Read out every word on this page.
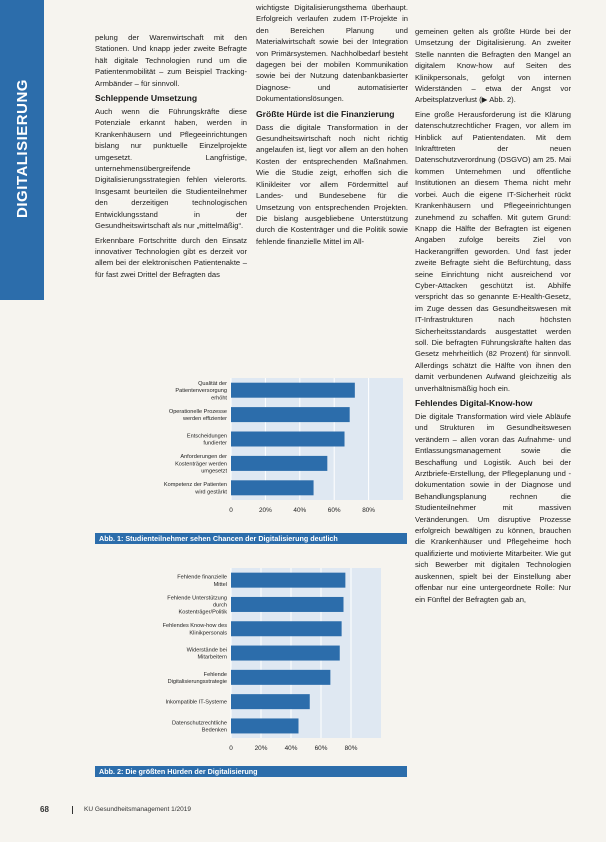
DIGITALISIERUNG

pelung der Warenwirtschaft mit den Stationen. Und knapp jeder zweite Befragte hält digitale Technologien rund um die Patientenmobilität – zum Beispiel Tracking-Armbänder – für sinnvoll.

Schleppende Umsetzung

Auch wenn die Führungskräfte diese Potenziale erkannt haben, werden in Krankenhäusern und Pflegeeinrichtungen bislang nur punktuelle Einzelprojekte umgesetzt. Langfristige, unternehmensübergreifende Digitalisierungsstrategien fehlen vielerorts. Insgesamt beurteilen die Studienteilnehmer den derzeitigen technologischen Entwicklungsstand in der Gesundheitswirtschaft als nur „mittelmäßig“.

Erkennbare Fortschritte durch den Einsatz innovativer Technologien gibt es derzeit vor allem bei der elektronischen Patientenakte – für fast zwei Drittel der Befragten das

wichtigste Digitalisierungsthema überhaupt. Erfolgreich verlaufen zudem IT-Projekte in den Bereichen Planung und Materialwirtschaft sowie bei der Integration von Primärsystemen. Nachholbedarf besteht dagegen bei der mobilen Kommunikation sowie bei der Nutzung datenbankbasierter Diagnose- und automatisierter Dokumentationslösungen.

Größte Hürde ist die Finanzierung

Dass die digitale Transformation in der Gesundheitswirtschaft noch nicht richtig angelaufen ist, liegt vor allem an den hohen Kosten der entsprechenden Maßnahmen. Wie die Studie zeigt, erhoffen sich die Klinikleiter vor allem Fördermittel auf Landes- und Bundesebene für die Umsetzung von entsprechenden Projekten. Die bislang ausgebliebene Unterstützung durch die Kostenträger und die Politik sowie fehlende finanzielle Mittel im All-

gemeinen gelten als größte Hürde bei der Umsetzung der Digitalisierung. An zweiter Stelle nannten die Befragten den Mangel an digitalem Know-how auf Seiten des Klinikpersonals, gefolgt von internen Widerständen – etwa der Angst vor Arbeitsplatzverlust (▶ Abb. 2).

Eine große Herausforderung ist die Klärung datenschutzrechtlicher Fragen, vor allem im Hinblick auf Patientendaten. Mit dem Inkrafttreten der neuen Datenschutzverordnung (DSGVO) am 25. Mai kommen Unternehmen und öffentliche Institutionen an diesem Thema nicht mehr vorbei. Auch die eigene IT-Sicherheit rückt Krankenhäusern und Pflegeeinrichtungen zunehmend zu schaffen. Mit gutem Grund: Knapp die Hälfte der Befragten ist eigenen Angaben zufolge bereits Ziel von Hackerangriffen geworden. Und fast jeder zweite Befragte sieht die Befürchtung, dass seine Einrichtung nicht ausreichend vor Cyber-Attacken geschützt ist. Abhilfe verspricht das so genannte E-Health-Gesetz, im Zuge dessen das Gesundheitswesen mit IT-Infrastrukturen nach höchsten Sicherheitsstandards ausgestattet werden soll. Die befragten Führungskräfte halten das Gesetz mehrheitlich (82 Prozent) für sinnvoll. Allerdings schätzt die Hälfte von ihnen den damit verbundenen Aufwand gleichzeitig als unverhältnismäßig hoch ein.

Fehlendes Digital-Know-how

Die digitale Transformation wird viele Abläufe und Strukturen im Gesundheitswesen verändern – allen voran das Aufnahme- und Entlassungsmanagement sowie die Beschaffung und Logistik. Auch bei der Arztbriefe-Erstellung, der Pflegeplanung und -dokumentation sowie in der Diagnose und Behandlungsplanung rechnen die Studienteilnehmer mit massiven Veränderungen. Um disruptive Prozesse erfolgreich bewältigen zu können, brauchen die Krankenhäuser und Pflegeheime hoch qualifizierte und motivierte Mitarbeiter. Wie gut sich Bewerber mit digitalen Technologien auskennen, spielt bei der Einstellung aber offenbar nur eine untergeordnete Rolle: Nur ein Fünftel der Befragten gab an,

0	20%	40%	60%	80%
Qualität der
Patientenversorgung
erhöht
Operationelle Prozesse
werden effizienter
Entscheidungen
fundierter
Anforderungen der
Kostenträger werden
umgesetzt
Kompetenz der Patienten
wird gestärkt
Abb. 1: Studienteilnehmer sehen Chancen der Digitalisierung deutlich
0	20%	40%	60%	80%
Fehlende finanzielle
Mittel
Fehlende Unterstützung
durch
Kostenträger/Politik
Fehlendes Know-how des
Klinikpersonals
Widerstände bei
Mitarbeitern
Fehlende
Digitalisierungsstrategie
Inkompatible IT-Systeme
Datenschutzrechtliche
Bedenken
Abb. 2: Die größten Hürden der Digitalisierung
68	KU Gesundheitsmanagement 1/2019
